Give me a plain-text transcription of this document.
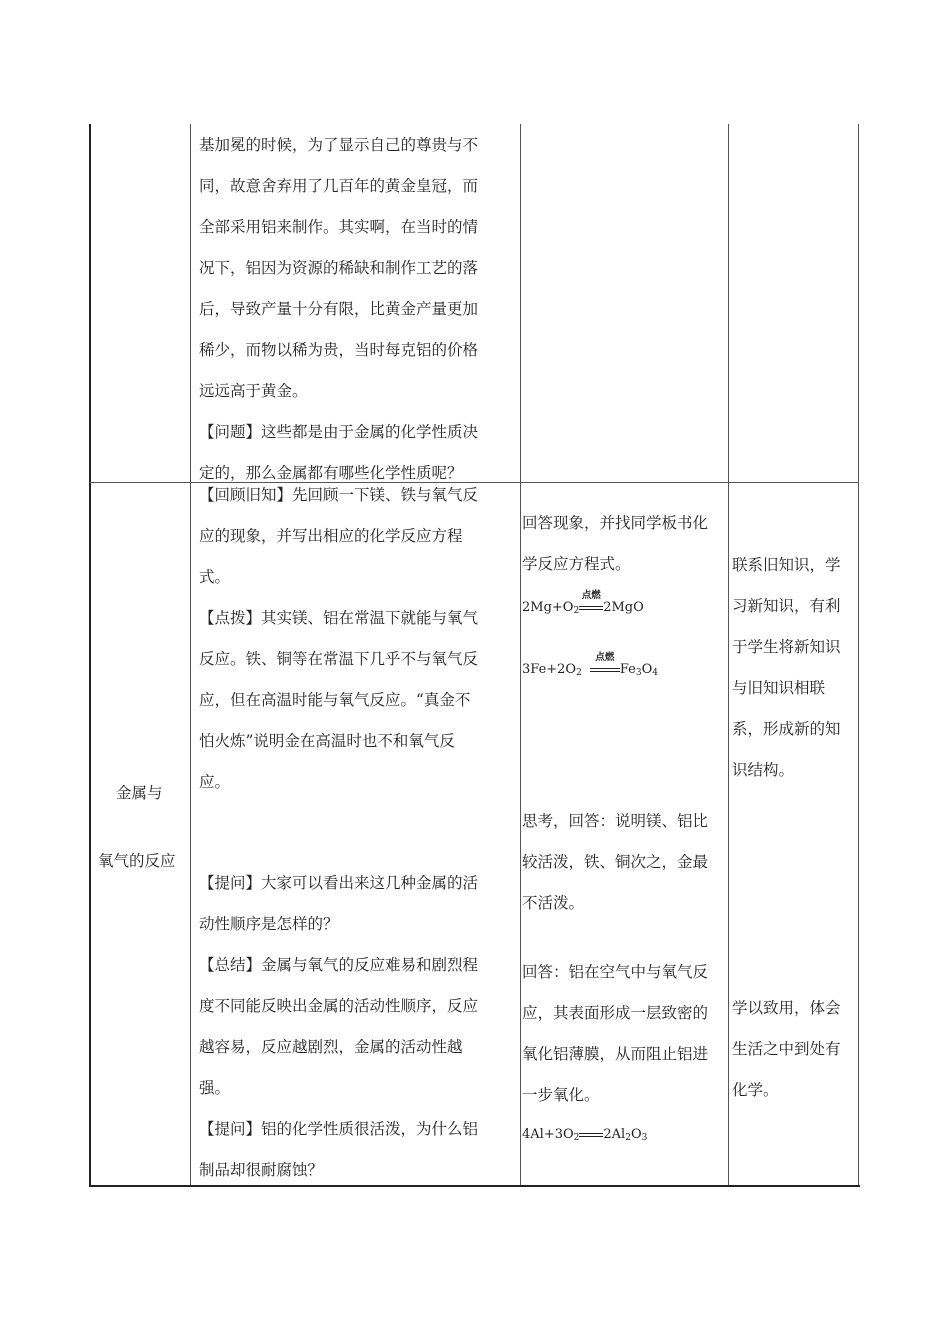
基加冕的时候，为了显示自己的尊贵与不
同，故意舍弃用了几百年的黄金皇冠，而
全部采用铝来制作。其实啊，在当时的情
况下，铝因为资源的稀缺和制作工艺的落
后，导致产量十分有限，比黄金产量更加
稀少，而物以稀为贵，当时每克铝的价格
远远高于黄金。
【问题】这些都是由于金属的化学性质决
定的，那么金属都有哪些化学性质呢？
金属与
氧气的反应
【回顾旧知】先回顾一下镁、铁与氧气反
应的现象，并写出相应的化学反应方程
式。
【点拨】其实镁、铝在常温下就能与氧气
反应。铁、铜等在常温下几乎不与氧气反
应，但在高温时能与氧气反应。“真金不
怕火炼”说明金在高温时也不和氧气反
应。
【提问】大家可以看出来这几种金属的活
动性顺序是怎样的？
【总结】金属与氧气的反应难易和剧烈程
度不同能反映出金属的活动性顺序，反应
越容易，反应越剧烈，金属的活动性越
强。
【提问】铝的化学性质很活泼，为什么铝
制品却很耐腐蚀？
回答现象，并找同学板书化
学反应方程式。
$2Mg+O_2$
点燃
2MgO
$3Fe+2O_2$
点燃
$Fe_3O_4$
思考，回答：说明镁、铝比
较活泼，铁、铜次之，金最
不活泼。
回答：铝在空气中与氧气反
应，其表面形成一层致密的
氧化铝薄膜，从而阻止铝进
一步氧化。
$4Al+3O_2$ $2Al_2O_3$
联系旧知识，学
习新知识，有利
于学生将新知识
与旧知识相联
系，形成新的知
识结构。
学以致用，体会
生活之中到处有
化学。
